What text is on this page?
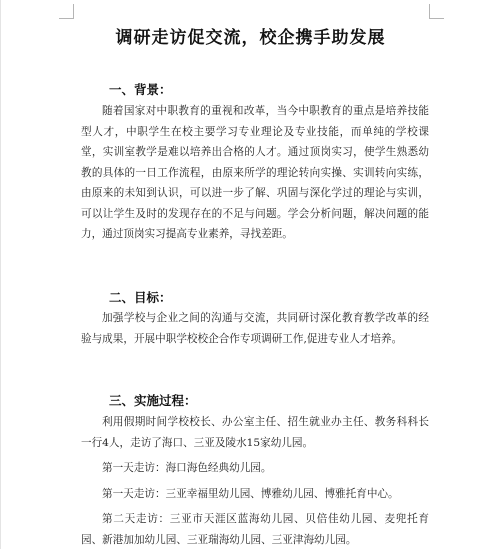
调研走访促交流，校企携手助发展
一、背景：

随着国家对中职教育的重视和改革，当今中职教育的重点是培养技能型人才，中职学生在校主要学习专业理论及专业技能，而单纯的学校课堂，实训室教学是难以培养出合格的人才。通过顶岗实习，使学生熟悉幼教的具体的一日工作流程，由原来所学的理论转向实操、实训转向实练，由原来的未知到认识，可以进一步了解、巩固与深化学过的理论与实训，可以让学生及时的发现存在的不足与问题。学会分析问题，解决问题的能力，通过顶岗实习提高专业素养，寻找差距。

二、目标：

加强学校与企业之间的沟通与交流，共同研讨深化教育教学改革的经验与成果，开展中职学校校企合作专项调研工作,促进专业人才培养。

三、实施过程：

利用假期时间学校校长、办公室主任、招生就业办主任、教务科科长一行4人，走访了海口、三亚及陵水15家幼儿园。

第一天走访：海口海色经典幼儿园。

第一天走访：三亚幸福里幼儿园、博雅幼儿园、博雅托育中心。

第二天走访：三亚市天涯区蓝海幼儿园、贝倍佳幼儿园、麦兜托育园、新港加加幼儿园、三亚瑞海幼儿园、三亚津海幼儿园。
